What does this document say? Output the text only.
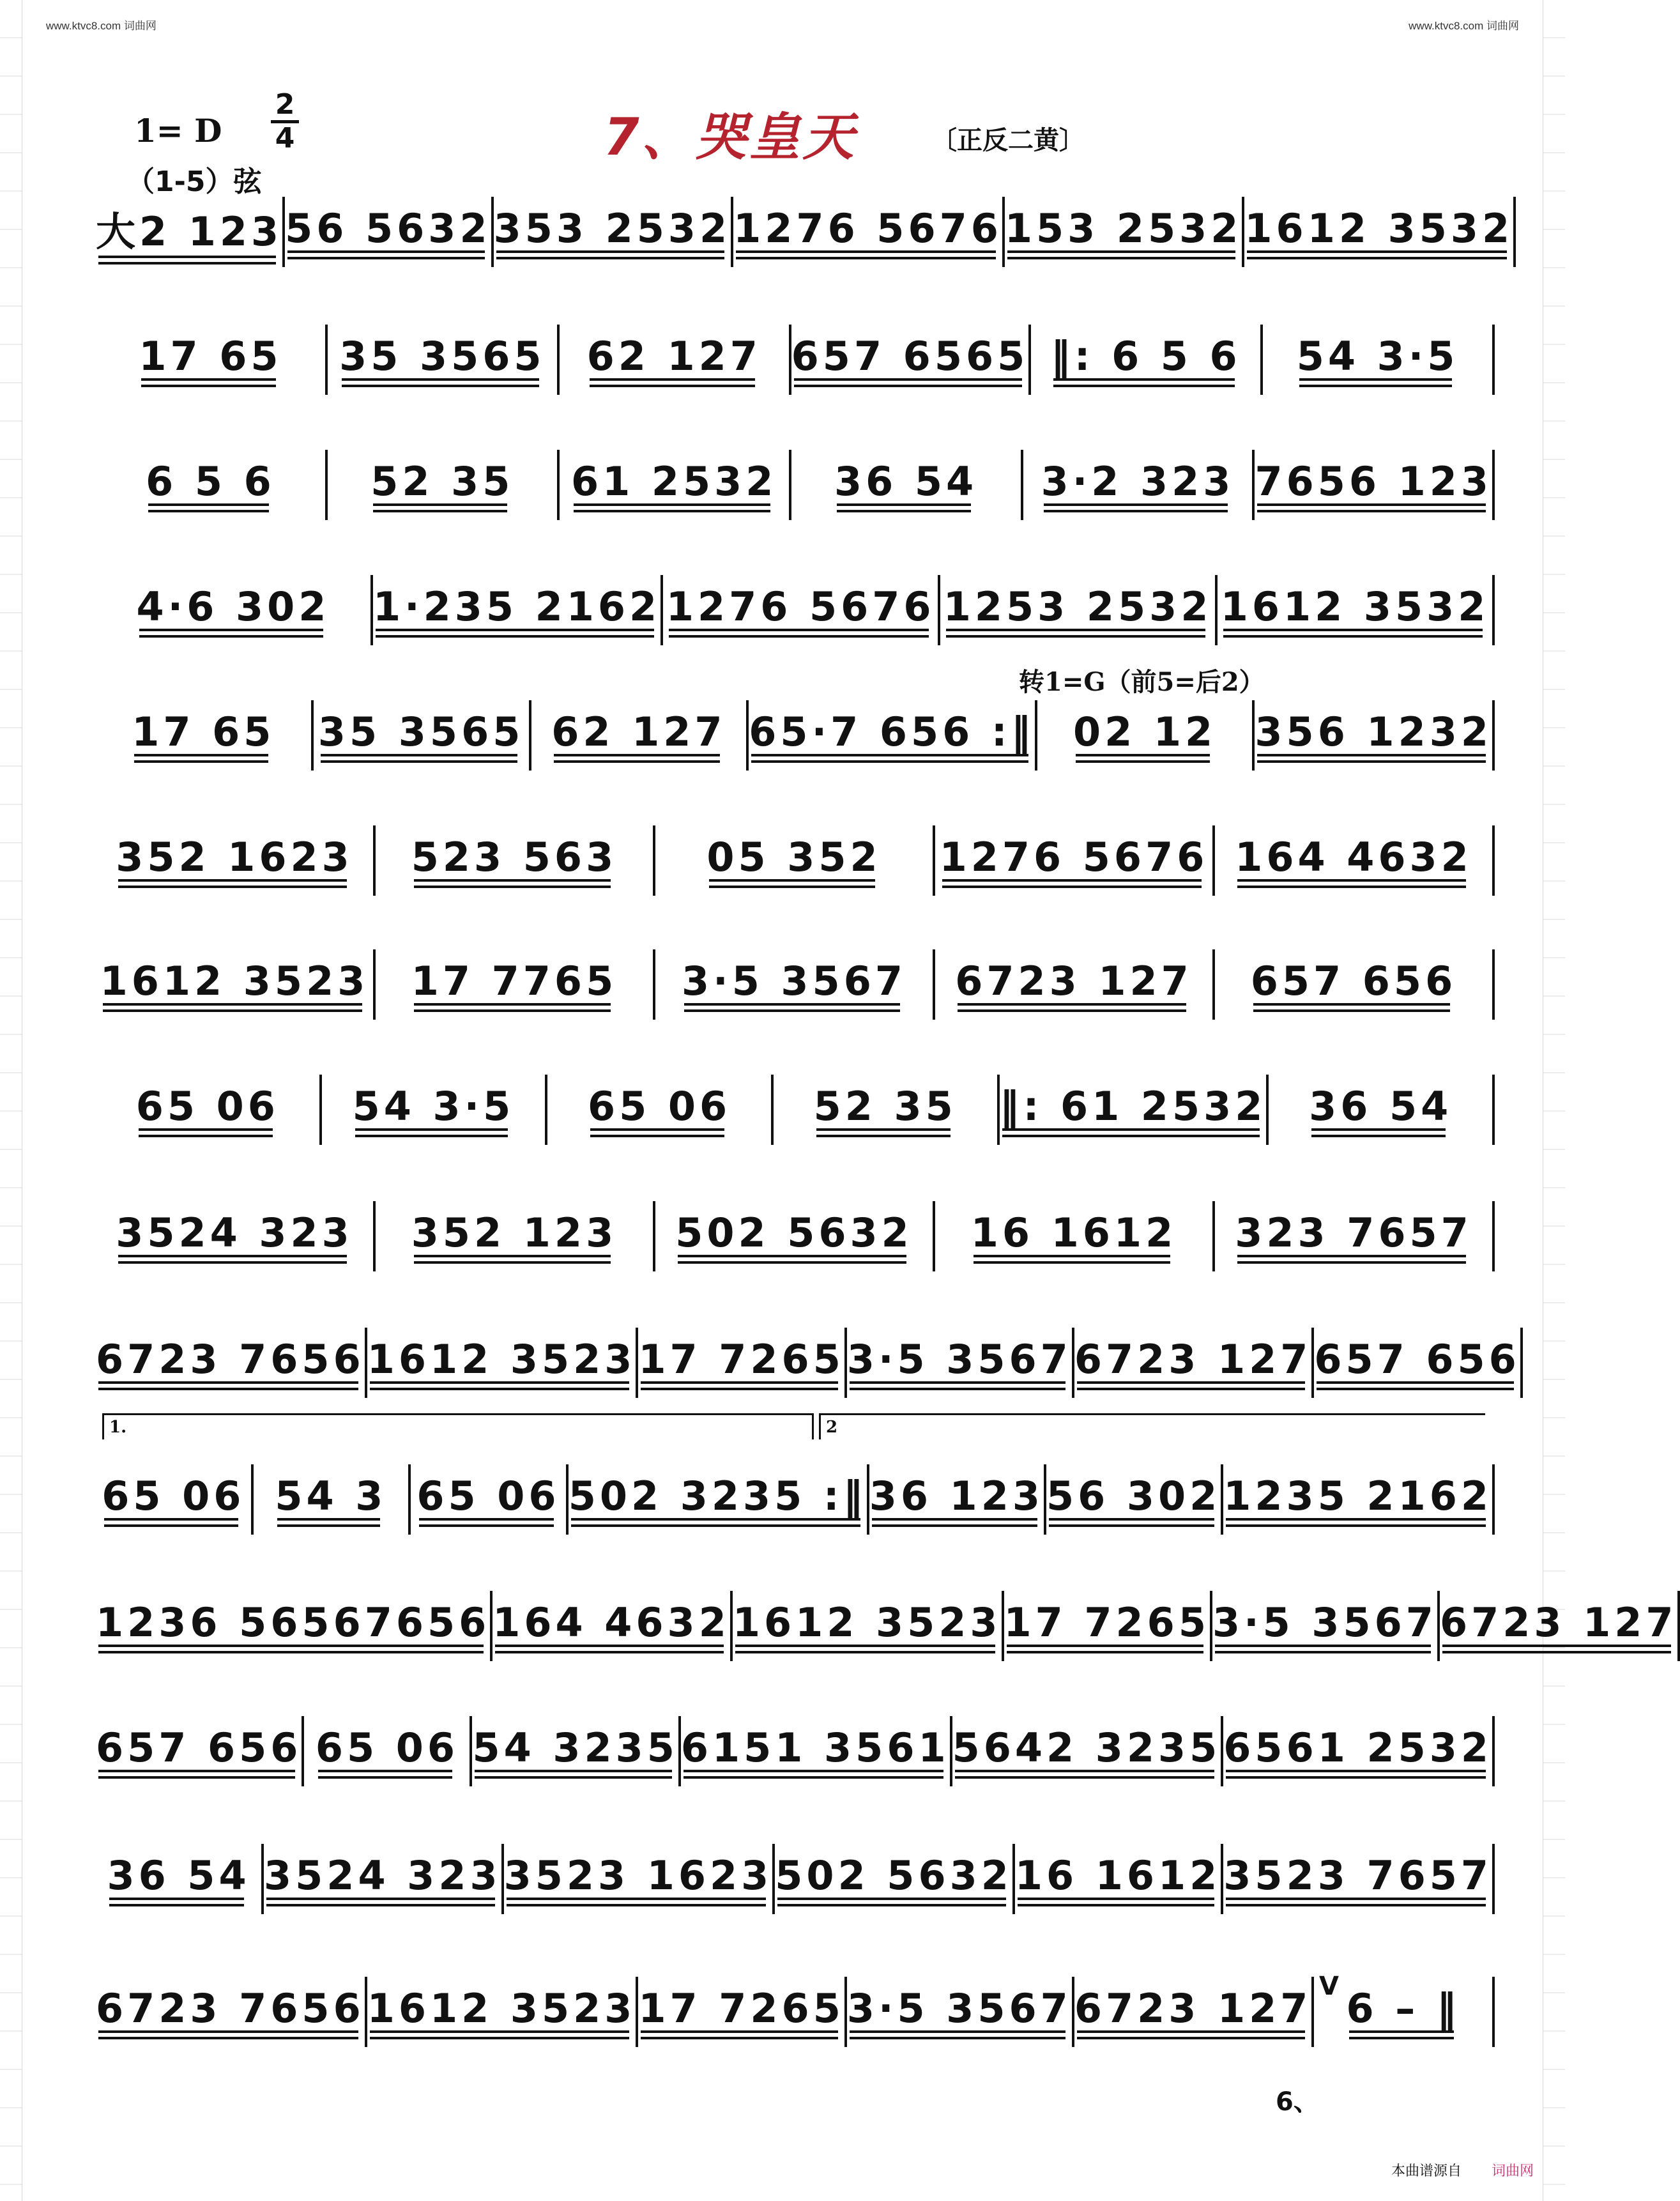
www.ktvc8.com 词曲网	www.ktvc8.com 词曲网
1= D
2
4	7、哭皇天	〔正反二黄〕
（1-5）弦
转1=G（前5=后2）
大2 123 56 5632 353 2532 1276 5676 153 2532 1612 3532
17 65 35 3565 62 127 657 6565 ‖: 6 5 6 54 3·5
6 5 6 52 35 61 2532 36 54 3·2 323 7656 123
4·6 302 1·235 2162 1276 5676 1253 2532 1612 3532
17 65 35 3565 62 127 65·7 656 :‖ 02 12 356 1232
352 1623 523 563 05 352 1276 5676 164 4632
1612 3523 17 7765 3·5 3567 6723 127 657 656
65 06 54 3·5 65 06 52 35 ‖: 61 2532 36 54
3524 323 352 123 502 5632 16 1612 323 7657
6723 7656 1612 3523 17 7265 3·5 3567 6723 127 657 656
65 06 54 3 65 06 502 3235 :‖ 36 123 56 302 1235 2162
1236 56567656 164 4632 1612 3523 17 7265 3·5 3567 6723 127
657 656 65 06 54 3235 6151 3561 5642 3235 6561 2532
36 54 3524 323 3523 1623 502 5632 16 1612 3523 7657
6723 7656 1612 3523 17 7265 3·5 3567 6723 127 6 – ‖
1.	2
V
6、
本曲谱源自 词曲网
